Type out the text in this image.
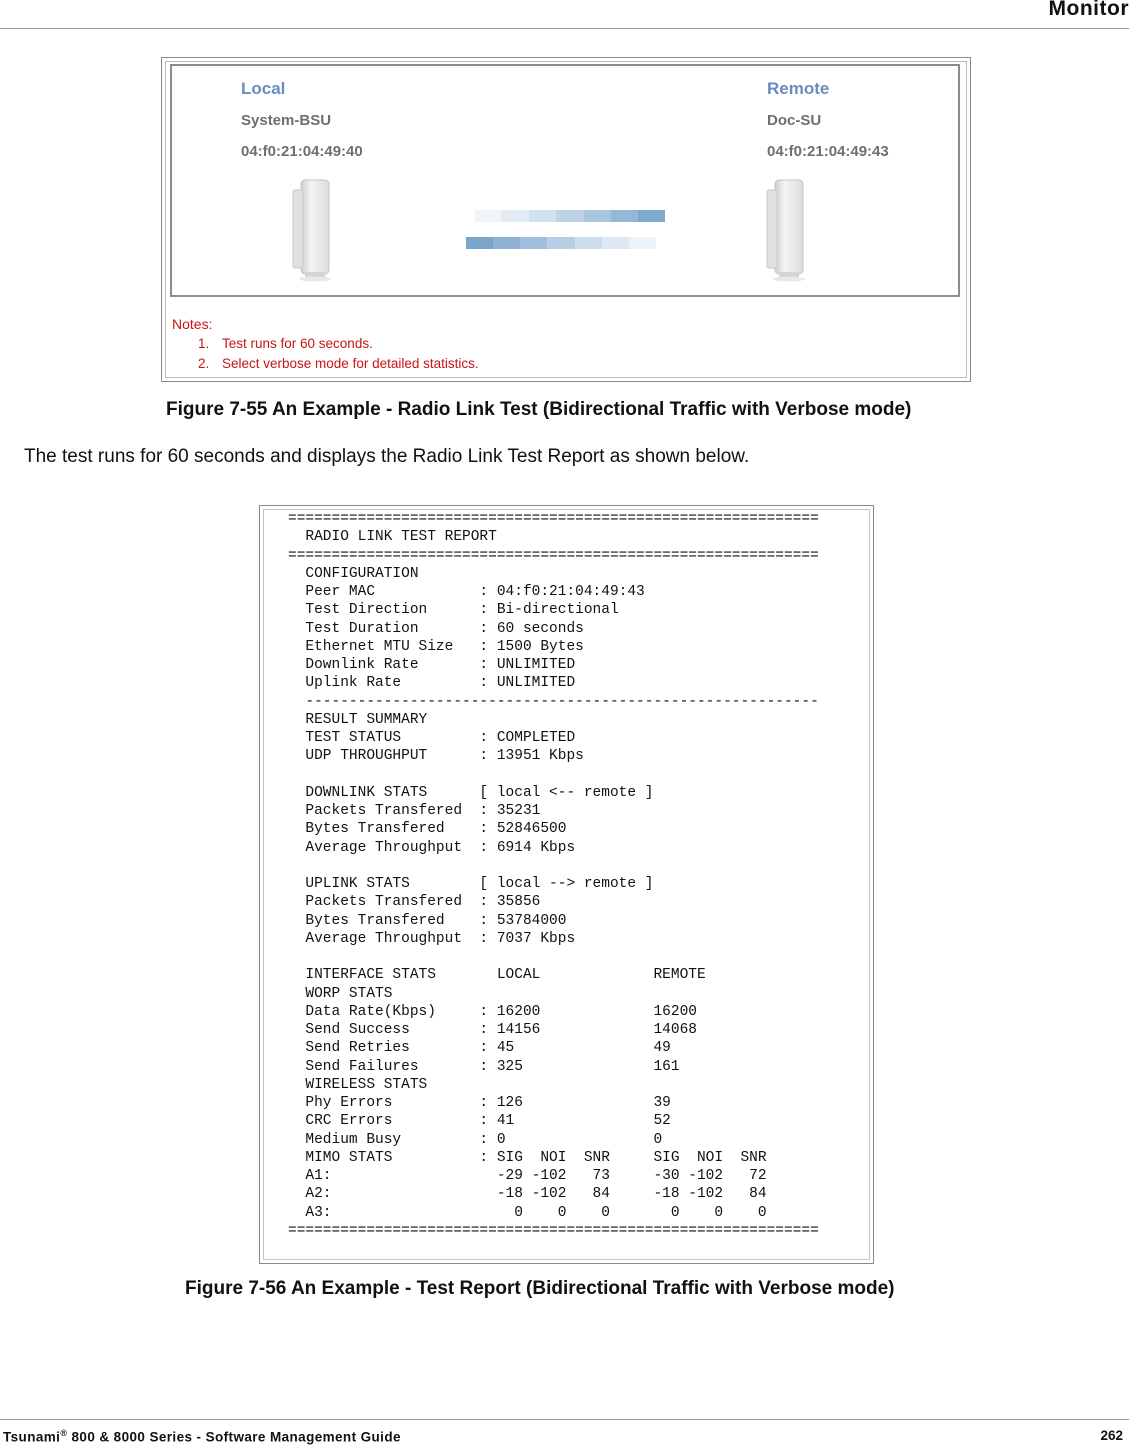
Monitor
Local
System-BSU
04:f0:21:04:49:40
Remote
Doc-SU
04:f0:21:04:49:43
Notes:
1. Test runs for 60 seconds.
2. Select verbose mode for detailed statistics.
Figure 7-55 An Example - Radio Link Test (Bidirectional Traffic with Verbose mode)
The test runs for 60 seconds and displays the Radio Link Test Report as shown below.
=============================================================
RADIO LINK TEST REPORT
=============================================================
CONFIGURATION
Peer MAC            : 04:f0:21:04:49:43
Test Direction      : Bi-directional
Test Duration       : 60 seconds
Ethernet MTU Size   : 1500 Bytes
Downlink Rate       : UNLIMITED
Uplink Rate         : UNLIMITED
-----------------------------------------------------------
RESULT SUMMARY
TEST STATUS         : COMPLETED
UDP THROUGHPUT      : 13951 Kbps

DOWNLINK STATS      [ local <-- remote ]
Packets Transfered  : 35231
Bytes Transfered    : 52846500
Average Throughput  : 6914 Kbps

UPLINK STATS        [ local --> remote ]
Packets Transfered  : 35856
Bytes Transfered    : 53784000
Average Throughput  : 7037 Kbps

INTERFACE STATS       LOCAL             REMOTE
WORP STATS
Data Rate(Kbps)     : 16200             16200
Send Success        : 14156             14068
Send Retries        : 45                49
Send Failures       : 325               161
WIRELESS STATS
Phy Errors          : 126               39
CRC Errors          : 41                52
Medium Busy         : 0                 0
MIMO STATS          : SIG  NOI  SNR     SIG  NOI  SNR
A1:                   -29 -102   73     -30 -102   72
A2:                   -18 -102   84     -18 -102   84
A3:                     0    0    0       0    0    0
=============================================================
Figure 7-56 An Example - Test Report (Bidirectional Traffic with Verbose mode)
Tsunami® 800 & 8000 Series - Software Management Guide	262
